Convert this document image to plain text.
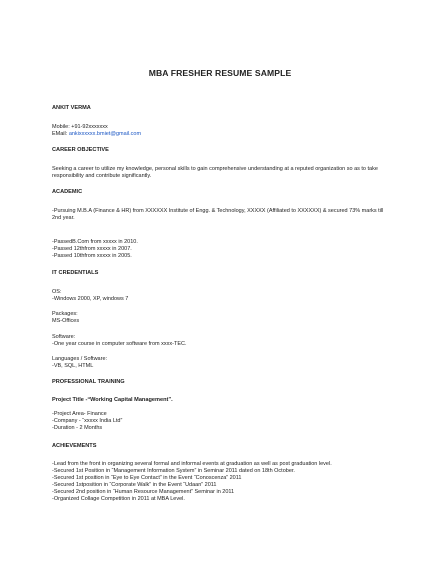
MBA FRESHER RESUME SAMPLE
ANKIT VERMA
Mobile: +91-92xxxxxxx
EMail: ankixxxxxx.bmiet@gmail.com
CAREER OBJECTIVE
Seeking a career to utilize my knowledge, personal skills to gain comprehensive understanding at a reputed organization so as to take responsibility and contribute significantly.
ACADEMIC
-Pursuing M.B.A (Finance & HR) from XXXXXX Institute of Engg. & Technology, XXXXX (Affiliated to XXXXXX) & secured 73% marks till 2nd year.
-PassedB.Com from xxxxx in 2010.
-Passed 12thfrom xxxxx in 2007.
-Passed 10thfrom xxxxx in 2005.
IT CREDENTIALS
OS:
-Windows 2000, XP, windows 7
Packages:
MS-Offices
Software:
-One year course in computer software from xxxx-TEC.
Languages / Software:
-VB, SQL, HTML
PROFESSIONAL TRAINING
Project Title -“Working Capital Management”.
-Project Area- Finance
-Company - “xxxxx India Ltd”
-Duration - 2 Months
ACHIEVEMENTS
-Lead from the front in organizing several formal and informal events at graduation as well as post graduation level.
-Secured 1st Position in “Management Information System” in Seminar 2011 dated on 18th October.
-Secured 1st position in “Eye to Eye Contact” in the Event “Conoscenza” 2011
-Secured 1stposition in “Corporate Walk” in the Event “Udaan” 2011
-Secured 2nd position in “Human Resource Management” Seminar in 2011
-Organized Collage Competition in 2011 at MBA Level.
